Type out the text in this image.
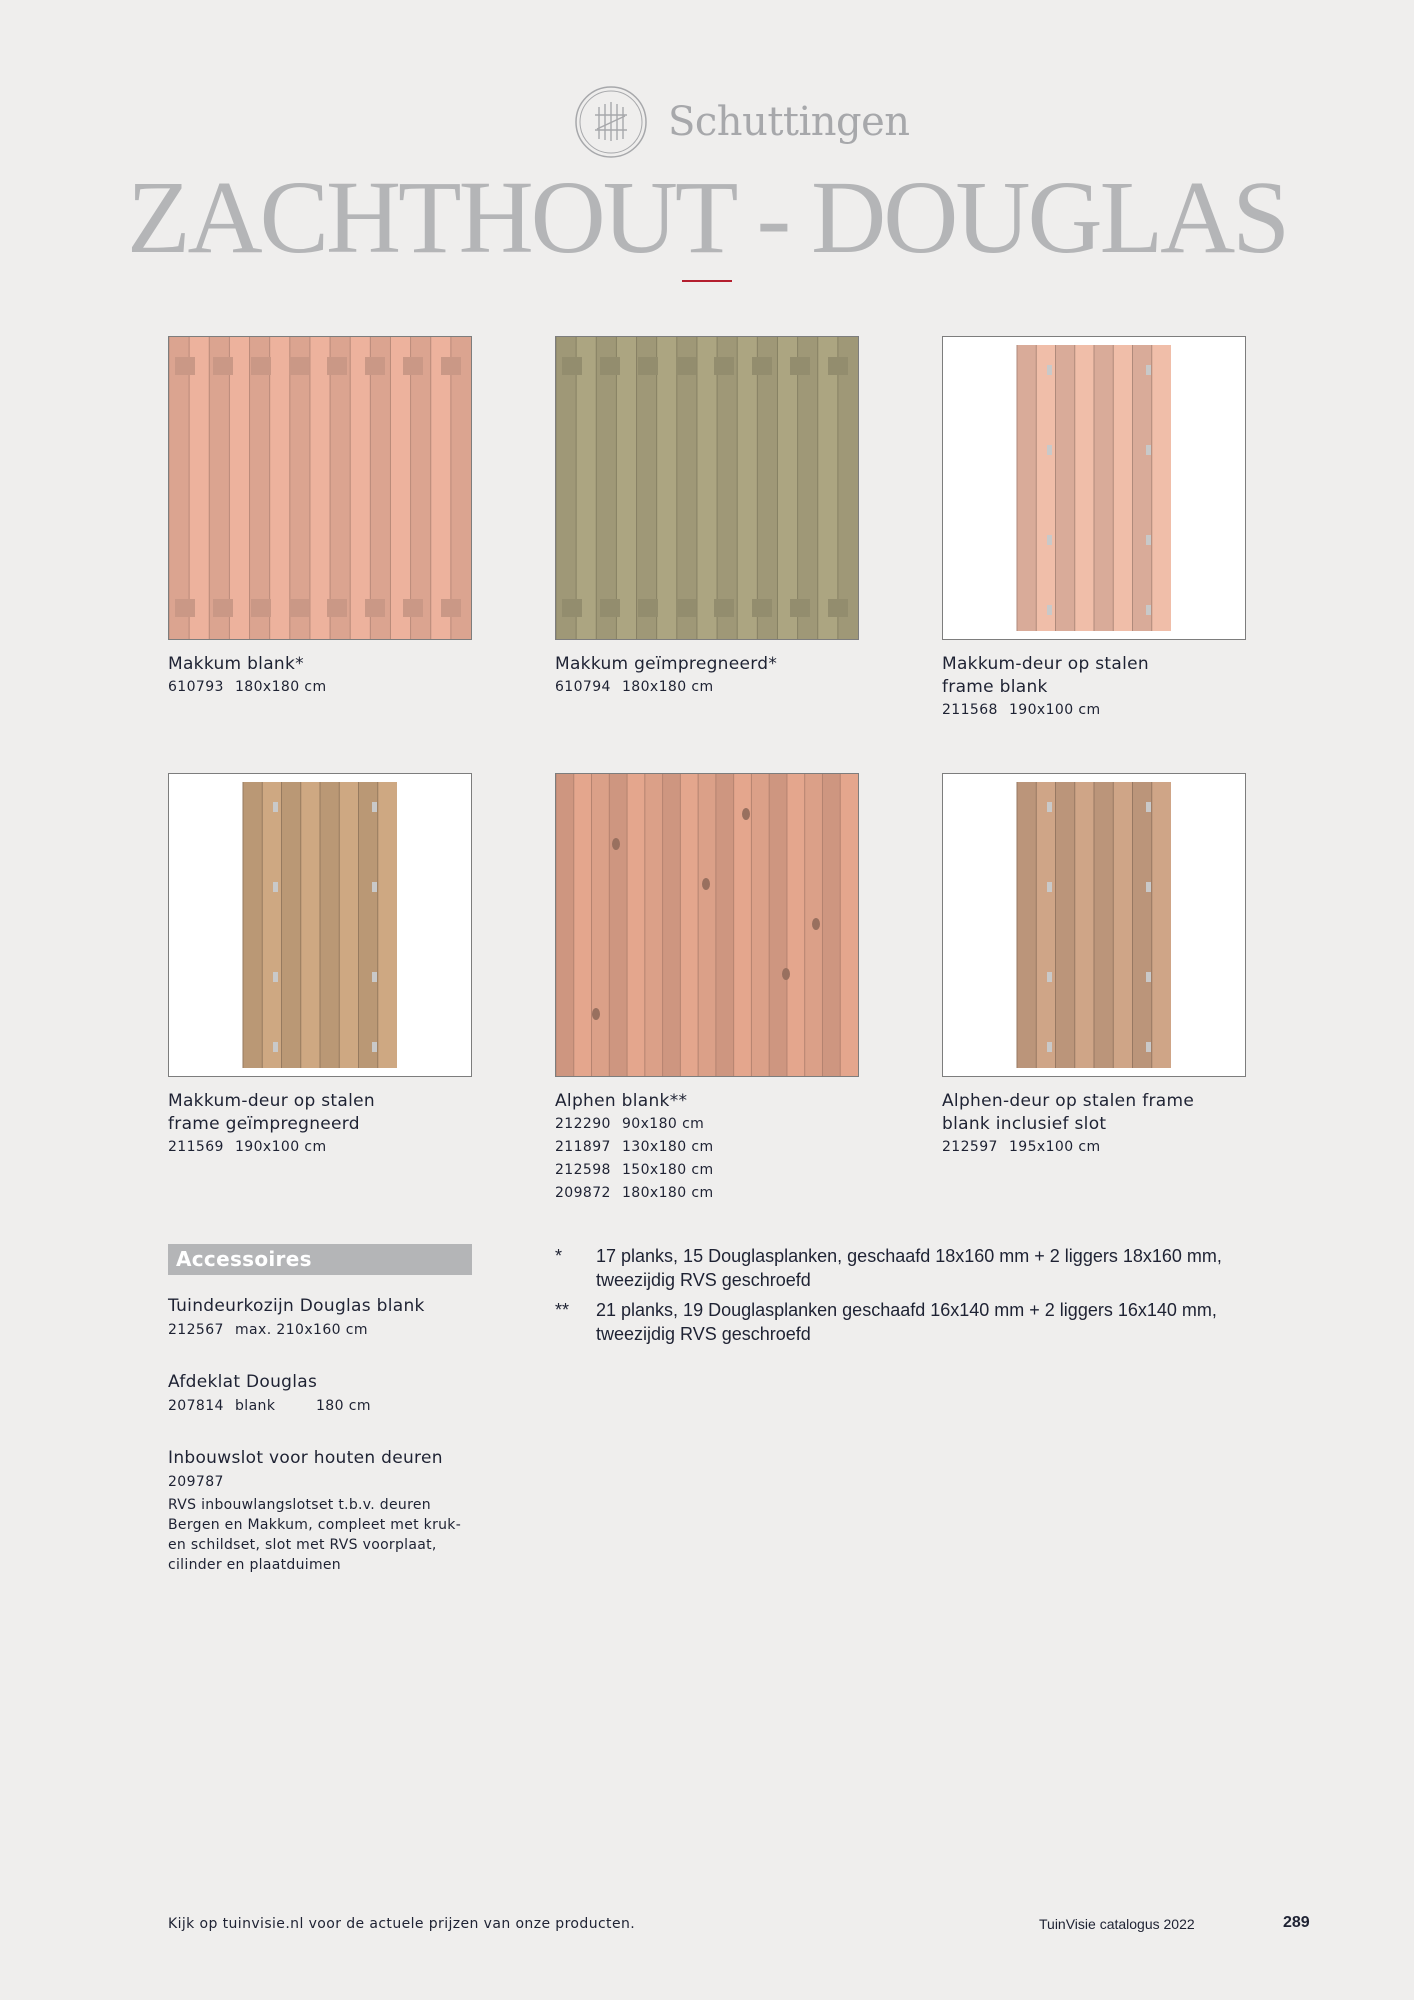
Schuttingen
ZACHTHOUT - DOUGLAS
Makkum blank*
610793 180x180 cm
Makkum geïmpregneerd*
610794 180x180 cm
Makkum-deur op stalen frame blank
211568 190x100 cm
Makkum-deur op stalen frame geïmpregneerd
211569 190x100 cm
Alphen blank**
212290 90x180 cm
211897 130x180 cm
212598 150x180 cm
209872 180x180 cm
Alphen-deur op stalen frame blank inclusief slot
212597 195x100 cm
Accessoires
Tuindeurkozijn Douglas blank
212567 max. 210x160 cm
Afdeklat Douglas
207814 blank	180 cm
Inbouwslot voor houten deuren
209787
RVS inbouwlangslotset t.b.v. deuren Bergen en Makkum, compleet met kruk- en schildset, slot met RVS voorplaat, cilinder en plaatduimen
*	17 planks, 15 Douglasplanken, geschaafd 18x160 mm + 2 liggers 18x160 mm, tweezijdig RVS geschroefd
**	21 planks, 19 Douglasplanken geschaafd 16x140 mm + 2 liggers 16x140 mm, tweezijdig RVS geschroefd
Kijk op tuinvisie.nl voor de actuele prijzen van onze producten.	TuinVisie catalogus 2022	289
